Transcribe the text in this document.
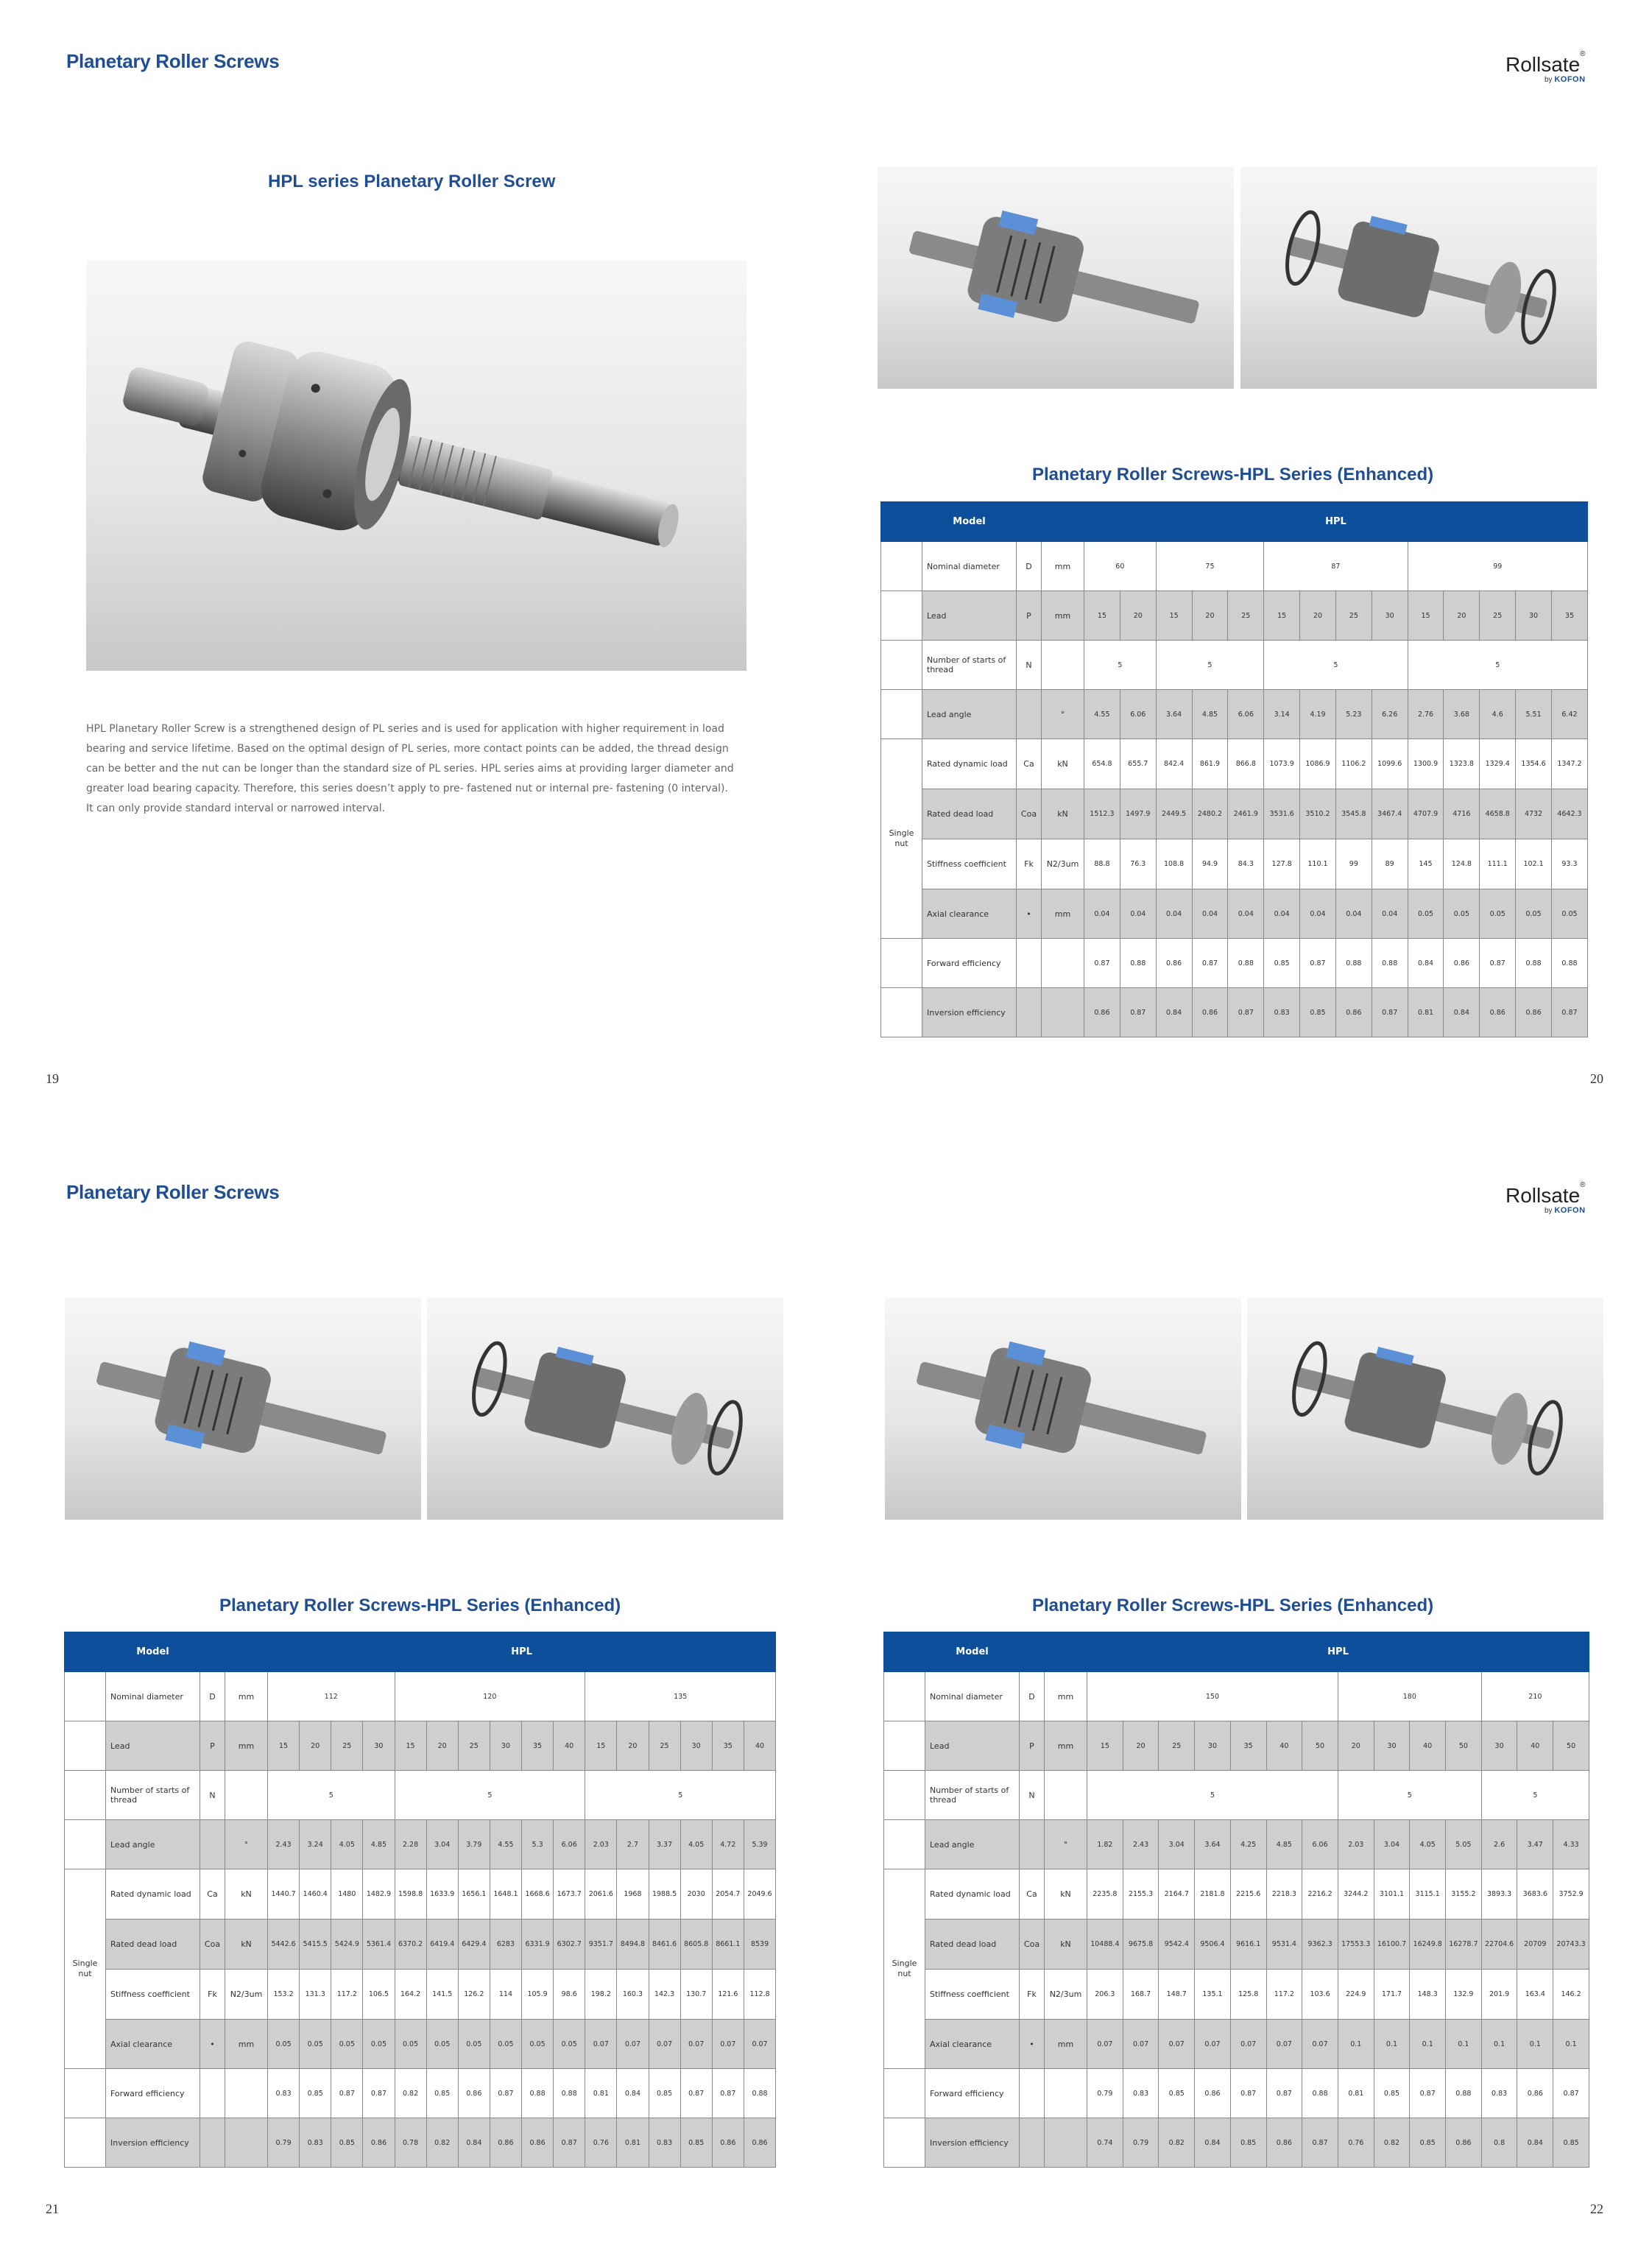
Planetary Roller Screws	Rollsate®
by KOFON
HPL series Planetary Roller Screw
HPL Planetary Roller Screw is a strengthened design of PL series and is used for application with higher requirement in load bearing and service lifetime. Based on the optimal design of PL series, more contact points can be added, the thread design can be better and the nut can be longer than the standard size of PL series. HPL series aims at providing larger diameter and greater load bearing capacity. Therefore, this series doesn’t apply to pre- fastened nut or internal pre- fastening (0 interval). It can only provide standard interval or narrowed interval.
Planetary Roller Screws-HPL Series (Enhanced)
	Model			HPL													
	Nominal diameter	D	mm	60		75			87				99				
	Lead	P	mm	15	20	15	20	25	15	20	25	30	15	20	25	30	35
	Number of starts of thread	N		5		5			5				5				
	Lead angle		°	4.55	6.06	3.64	4.85	6.06	3.14	4.19	5.23	6.26	2.76	3.68	4.6	5.51	6.42
Single nut	Rated dynamic load	Ca	kN	654.8	655.7	842.4	861.9	866.8	1073.9	1086.9	1106.2	1099.6	1300.9	1323.8	1329.4	1354.6	1347.2
	Rated dead load	Coa	kN	1512.3	1497.9	2449.5	2480.2	2461.9	3531.6	3510.2	3545.8	3467.4	4707.9	4716	4658.8	4732	4642.3
	Stiffness coefficient	Fk	N2/3um	88.8	76.3	108.8	94.9	84.3	127.8	110.1	99	89	145	124.8	111.1	102.1	93.3
	Axial clearance	•	mm	0.04	0.04	0.04	0.04	0.04	0.04	0.04	0.04	0.04	0.05	0.05	0.05	0.05	0.05
	Forward efficiency			0.87	0.88	0.86	0.87	0.88	0.85	0.87	0.88	0.88	0.84	0.86	0.87	0.88	0.88
	Inversion efficiency			0.86	0.87	0.84	0.86	0.87	0.83	0.85	0.86	0.87	0.81	0.84	0.86	0.86	0.87
19	20
Planetary Roller Screws	Rollsate®
by KOFON
Planetary Roller Screws-HPL Series (Enhanced)	Planetary Roller Screws-HPL Series (Enhanced)
	Model			HPL															
	Nominal diameter	D	mm	112				120						135					
	Lead	P	mm	15	20	25	30	15	20	25	30	35	40	15	20	25	30	35	40
	Number of starts of thread	N		5				5						5					
	Lead angle		°	2.43	3.24	4.05	4.85	2.28	3.04	3.79	4.55	5.3	6.06	2.03	2.7	3.37	4.05	4.72	5.39
Single nut	Rated dynamic load	Ca	kN	1440.7	1460.4	1480	1482.9	1598.8	1633.9	1656.1	1648.1	1668.6	1673.7	2061.6	1968	1988.5	2030	2054.7	2049.6
	Rated dead load	Coa	kN	5442.6	5415.5	5424.9	5361.4	6370.2	6419.4	6429.4	6283	6331.9	6302.7	9351.7	8494.8	8461.6	8605.8	8661.1	8539
	Stiffness coefficient	Fk	N2/3um	153.2	131.3	117.2	106.5	164.2	141.5	126.2	114	105.9	98.6	198.2	160.3	142.3	130.7	121.6	112.8
	Axial clearance	•	mm	0.05	0.05	0.05	0.05	0.05	0.05	0.05	0.05	0.05	0.05	0.07	0.07	0.07	0.07	0.07	0.07
	Forward efficiency			0.83	0.85	0.87	0.87	0.82	0.85	0.86	0.87	0.88	0.88	0.81	0.84	0.85	0.87	0.87	0.88
	Inversion efficiency			0.79	0.83	0.85	0.86	0.78	0.82	0.84	0.86	0.86	0.87	0.76	0.81	0.83	0.85	0.86	0.86
	Model			HPL													
	Nominal diameter	D	mm	150							180				210		
	Lead	P	mm	15	20	25	30	35	40	50	20	30	40	50	30	40	50
	Number of starts of thread	N		5							5				5		
	Lead angle		°	1.82	2.43	3.04	3.64	4.25	4.85	6.06	2.03	3.04	4.05	5.05	2.6	3.47	4.33
Single nut	Rated dynamic load	Ca	kN	2235.8	2155.3	2164.7	2181.8	2215.6	2218.3	2216.2	3244.2	3101.1	3115.1	3155.2	3893.3	3683.6	3752.9
	Rated dead load	Coa	kN	10488.4	9675.8	9542.4	9506.4	9616.1	9531.4	9362.3	17553.3	16100.7	16249.8	16278.7	22704.6	20709	20743.3
	Stiffness coefficient	Fk	N2/3um	206.3	168.7	148.7	135.1	125.8	117.2	103.6	224.9	171.7	148.3	132.9	201.9	163.4	146.2
	Axial clearance	•	mm	0.07	0.07	0.07	0.07	0.07	0.07	0.07	0.1	0.1	0.1	0.1	0.1	0.1	0.1
	Forward efficiency			0.79	0.83	0.85	0.86	0.87	0.87	0.88	0.81	0.85	0.87	0.88	0.83	0.86	0.87
	Inversion efficiency			0.74	0.79	0.82	0.84	0.85	0.86	0.87	0.76	0.82	0.85	0.86	0.8	0.84	0.85
21	22
